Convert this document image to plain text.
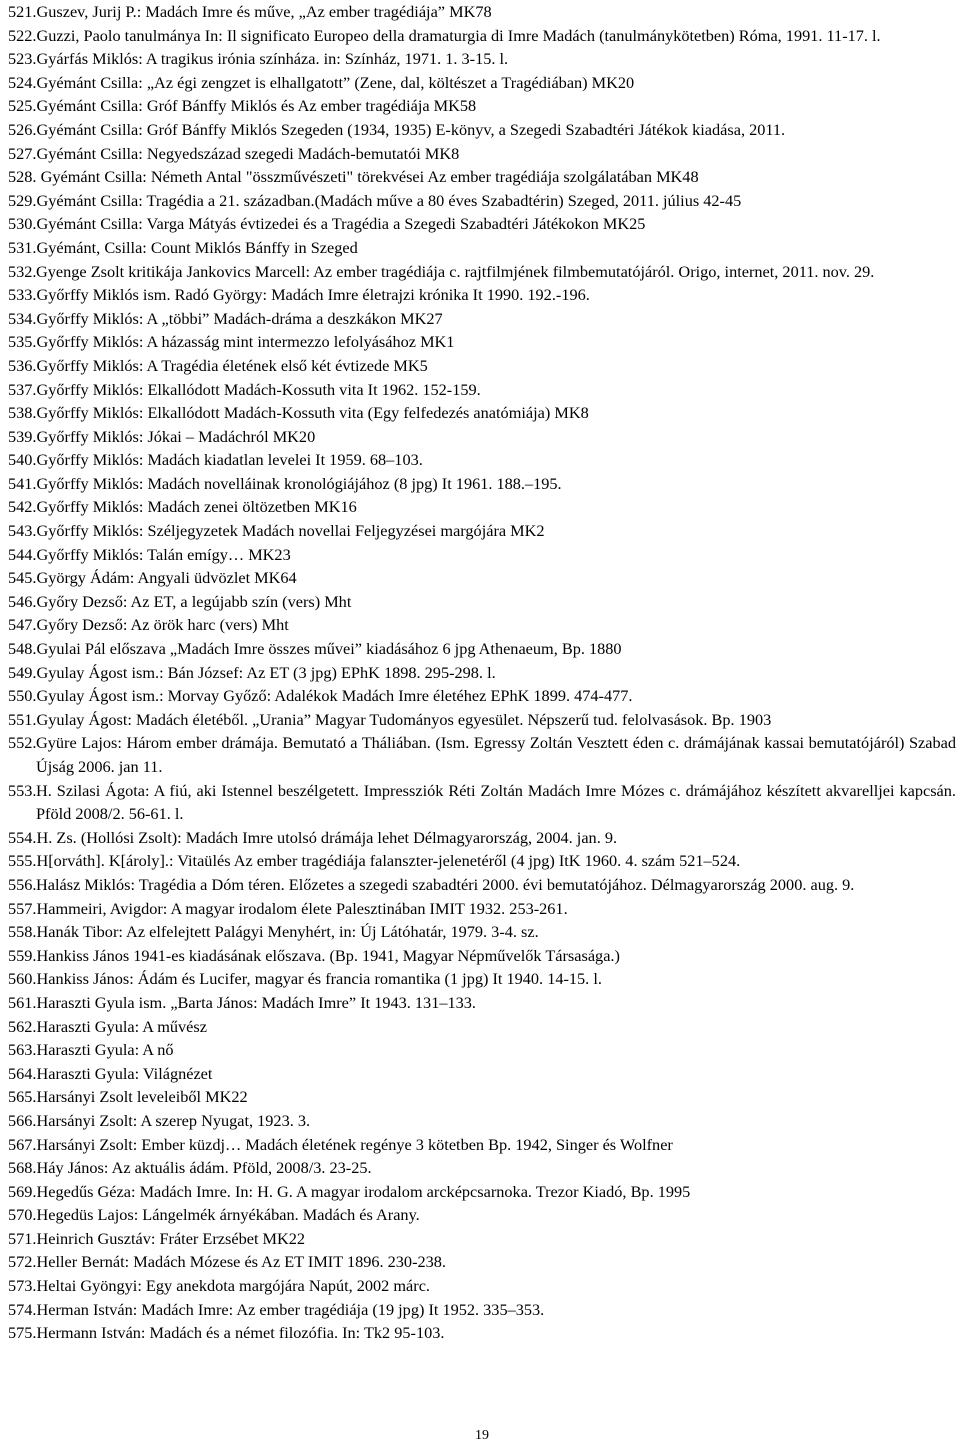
521.Guszev, Jurij P.: Madách Imre és műve, „Az ember tragédiája” MK78
522.Guzzi, Paolo tanulmánya In: Il significato Europeo della dramaturgia di Imre Madách (tanulmánykötetben) Róma, 1991. 11-17. l.
523.Gyárfás Miklós: A tragikus irónia színháza. in: Színház, 1971. 1. 3-15. l.
524.Gyémánt Csilla: „Az égi zengzet is elhallgatott” (Zene, dal, költészet a Tragédiában) MK20
525.Gyémánt Csilla: Gróf Bánffy Miklós és Az ember tragédiája MK58
526.Gyémánt Csilla: Gróf Bánffy Miklós Szegeden (1934, 1935) E-könyv, a Szegedi Szabadtéri Játékok kiadása, 2011.
527.Gyémánt Csilla: Negyedszázad szegedi Madách-bemutatói MK8
528. Gyémánt Csilla: Németh Antal "összművészeti" törekvései Az ember tragédiája szolgálatában MK48
529.Gyémánt Csilla: Tragédia a 21. században.(Madách műve a 80 éves Szabadtérin) Szeged, 2011. július 42-45
530.Gyémánt Csilla: Varga Mátyás évtizedei és a Tragédia a Szegedi Szabadtéri Játékokon MK25
531.Gyémánt, Csilla: Count Miklós Bánffy in Szeged
532. Gyenge Zsolt kritikája Jankovics Marcell: Az ember tragédiája c. rajtfilmjének filmbemutatójáról. Origo, internet, 2011. nov. 29.
533.Győrffy Miklós ism. Radó György: Madách Imre életrajzi krónika It 1990. 192.-196.
534.Győrffy Miklós: A „többi” Madách-dráma a deszkákon MK27
535.Győrffy Miklós: A házasság mint intermezzo lefolyásához MK1
536.Győrffy Miklós: A Tragédia életének első két évtizede MK5
537.Győrffy Miklós: Elkallódott Madách-Kossuth vita It 1962. 152-159.
538.Győrffy Miklós: Elkallódott Madách-Kossuth vita (Egy felfedezés anatómiája) MK8
539.Győrffy Miklós: Jókai – Madáchról MK20
540.Győrffy Miklós: Madách kiadatlan levelei It 1959. 68–103.
541.Győrffy Miklós: Madách novelláinak kronológiájához (8 jpg) It 1961. 188.–195.
542.Győrffy Miklós: Madách zenei öltözetben MK16
543.Győrffy Miklós: Széljegyzetek Madách novellai Feljegyzései margójára MK2
544.Győrffy Miklós: Talán emígy… MK23
545.György Ádám: Angyali üdvözlet MK64
546.Győry Dezső: Az ET, a legújabb szín (vers) Mht
547.Győry Dezső: Az örök harc (vers) Mht
548.Gyulai Pál előszava „Madách Imre összes művei” kiadásához 6 jpg Athenaeum, Bp. 1880
549.Gyulay Ágost ism.: Bán József: Az ET (3 jpg) EPhK 1898. 295-298. l.
550.Gyulay Ágost ism.: Morvay Győző: Adalékok Madách Imre életéhez EPhK 1899. 474-477.
551.Gyulay Ágost: Madách életéből. „Urania” Magyar Tudományos egyesület. Népszerű tud. felolvasások. Bp. 1903
552. Gyüre Lajos: Három ember drámája. Bemutató a Tháliában. (Ism. Egressy Zoltán Vesztett éden c. drámájának kassai bemutatójáról) Szabad Újság 2006. jan 11.
553. H. Szilasi Ágota: A fiú, aki Istennel beszélgetett. Impressziók Réti Zoltán Madách Imre Mózes c. drámájához készített akvarelljei kapcsán. Pföld 2008/2. 56-61. l.
554.H. Zs. (Hollósi Zsolt): Madách Imre utolsó drámája lehet Délmagyarország, 2004. jan. 9.
555.H[orváth]. K[ároly].: Vitaülés Az ember tragédiája falanszter-jelenetéről (4 jpg) ItK 1960. 4. szám 521–524.
556. Halász Miklós: Tragédia a Dóm téren. Előzetes a szegedi szabadtéri 2000. évi bemutatójához. Délmagyarország 2000. aug. 9.
557.Hammeiri, Avigdor: A magyar irodalom élete Palesztinában IMIT 1932. 253-261.
558.Hanák Tibor: Az elfelejtett Palágyi Menyhért, in: Új Látóhatár, 1979. 3-4. sz.
559.Hankiss János 1941-es kiadásának előszava. (Bp. 1941, Magyar Népművelők Társasága.)
560.Hankiss János: Ádám és Lucifer, magyar és francia romantika (1 jpg) It 1940. 14-15. l.
561.Haraszti Gyula ism. „Barta János: Madách Imre” It 1943. 131–133.
562.Haraszti Gyula: A művész
563.Haraszti Gyula: A nő
564.Haraszti Gyula: Világnézet
565.Harsányi Zsolt leveleiből MK22
566.Harsányi Zsolt: A szerep Nyugat, 1923. 3.
567.Harsányi Zsolt: Ember küzdj… Madách életének regénye 3 kötetben Bp. 1942, Singer és Wolfner
568.Háy János: Az aktuális ádám. Pföld, 2008/3. 23-25.
569.Hegedűs Géza: Madách Imre. In: H. G. A magyar irodalom arcképcsarnoka. Trezor Kiadó, Bp. 1995
570.Hegedüs Lajos: Lángelmék árnyékában. Madách és Arany.
571.Heinrich Gusztáv: Fráter Erzsébet MK22
572.Heller Bernát: Madách Mózese és Az ET IMIT 1896. 230-238.
573.Heltai Gyöngyi: Egy anekdota margójára Napút, 2002 márc.
574.Herman István: Madách Imre: Az ember tragédiája (19 jpg) It 1952. 335–353.
575.Hermann István: Madách és a német filozófia. In: Tk2 95-103.
19
